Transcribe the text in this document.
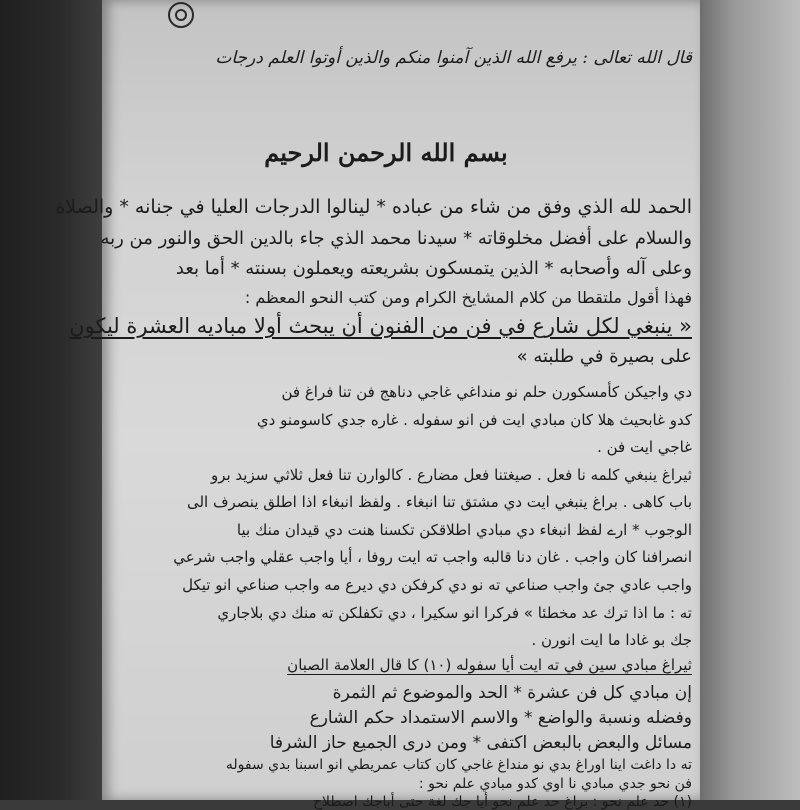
قال الله تعالى : يرفع الله الذين آمنوا منكم والذين أوتوا العلم درجات
بسم الله الرحمن الرحيم
الحمد لله الذي وفق من شاء من عباده * لينالوا الدرجات العليا في جنانه * والصلاة
والسلام على أفضل مخلوقاته * سيدنا محمد الذي جاء بالدين الحق والنور من ربه
وعلى آله وأصحابه * الذين يتمسكون بشريعته ويعملون بسنته * أما بعد
فهذا أقول ملتقطا من كلام المشايخ الكرام ومن كتب النحو المعظم :
« ينبغي لكل شارع في فن من الفنون أن يبحث أولا مباديه العشرة ليكون
على بصيرة في طلبته »
دي واجيكن كأمسكورن حلم نو منداغي غاجي دناهج فن تنا فراغ فن
كدو غابحيث هلا كان مبادي ايت فن انو سفوله . غاره جدي كاسومنو دي
غاجي ايت فن .
ثيراغ ينبغي كلمه نا فعل . صيغتنا فعل مضارع . كالوارن تنا فعل ثلاثي سزيد برو
باب كاهى . براغ ينبغي ايت دي مشتق تنا انبغاء . ولفظ انبغاء اذا اطلق ينصرف الى
الوجوب * ارے لفظ انبغاء دي مبادي اطلاقكن تكسنا هنت دي قيدان منك بيا
انصرافنا كان واجب . غان دنا قالبه واجب ته ايت روفا ، أيا واجب عقلي واجب شرعي
واجب عادي جئ واجب صناعي ته نو دي كرفكن دي ديرع مه واجب صناعي انو تيكل
ته : ما اذا ترك عد مخطئا » فركرا انو سكيرا ، دي تكفلكن ته منك دي بلاجاري
جك بو غادا ما ايت انورن .
ثيراغ مبادي سين في ته ايت أيا سفوله (١٠) كا قال العلامة الصبان
إن مبادي كل فن عشرة * الحد والموضوع ثم الثمرة
وفضله ونسبة والواضع * والاسم الاستمداد حكم الشارع
مسائل والبعض بالبعض اكتفى * ومن درى الجميع حاز الشرفا
ته دا داغت اينا اوراغ بدي نو منداغ غاجي كان كتاب عمريطي انو اسبنا بدي سفوله
فن نحو جدي مبادي نا اوي كدو مبادي علم نحو :
(١) حد علم نحو : براغ حد علم نحو أيا جك لغة حتى أباجك اصطلاح
